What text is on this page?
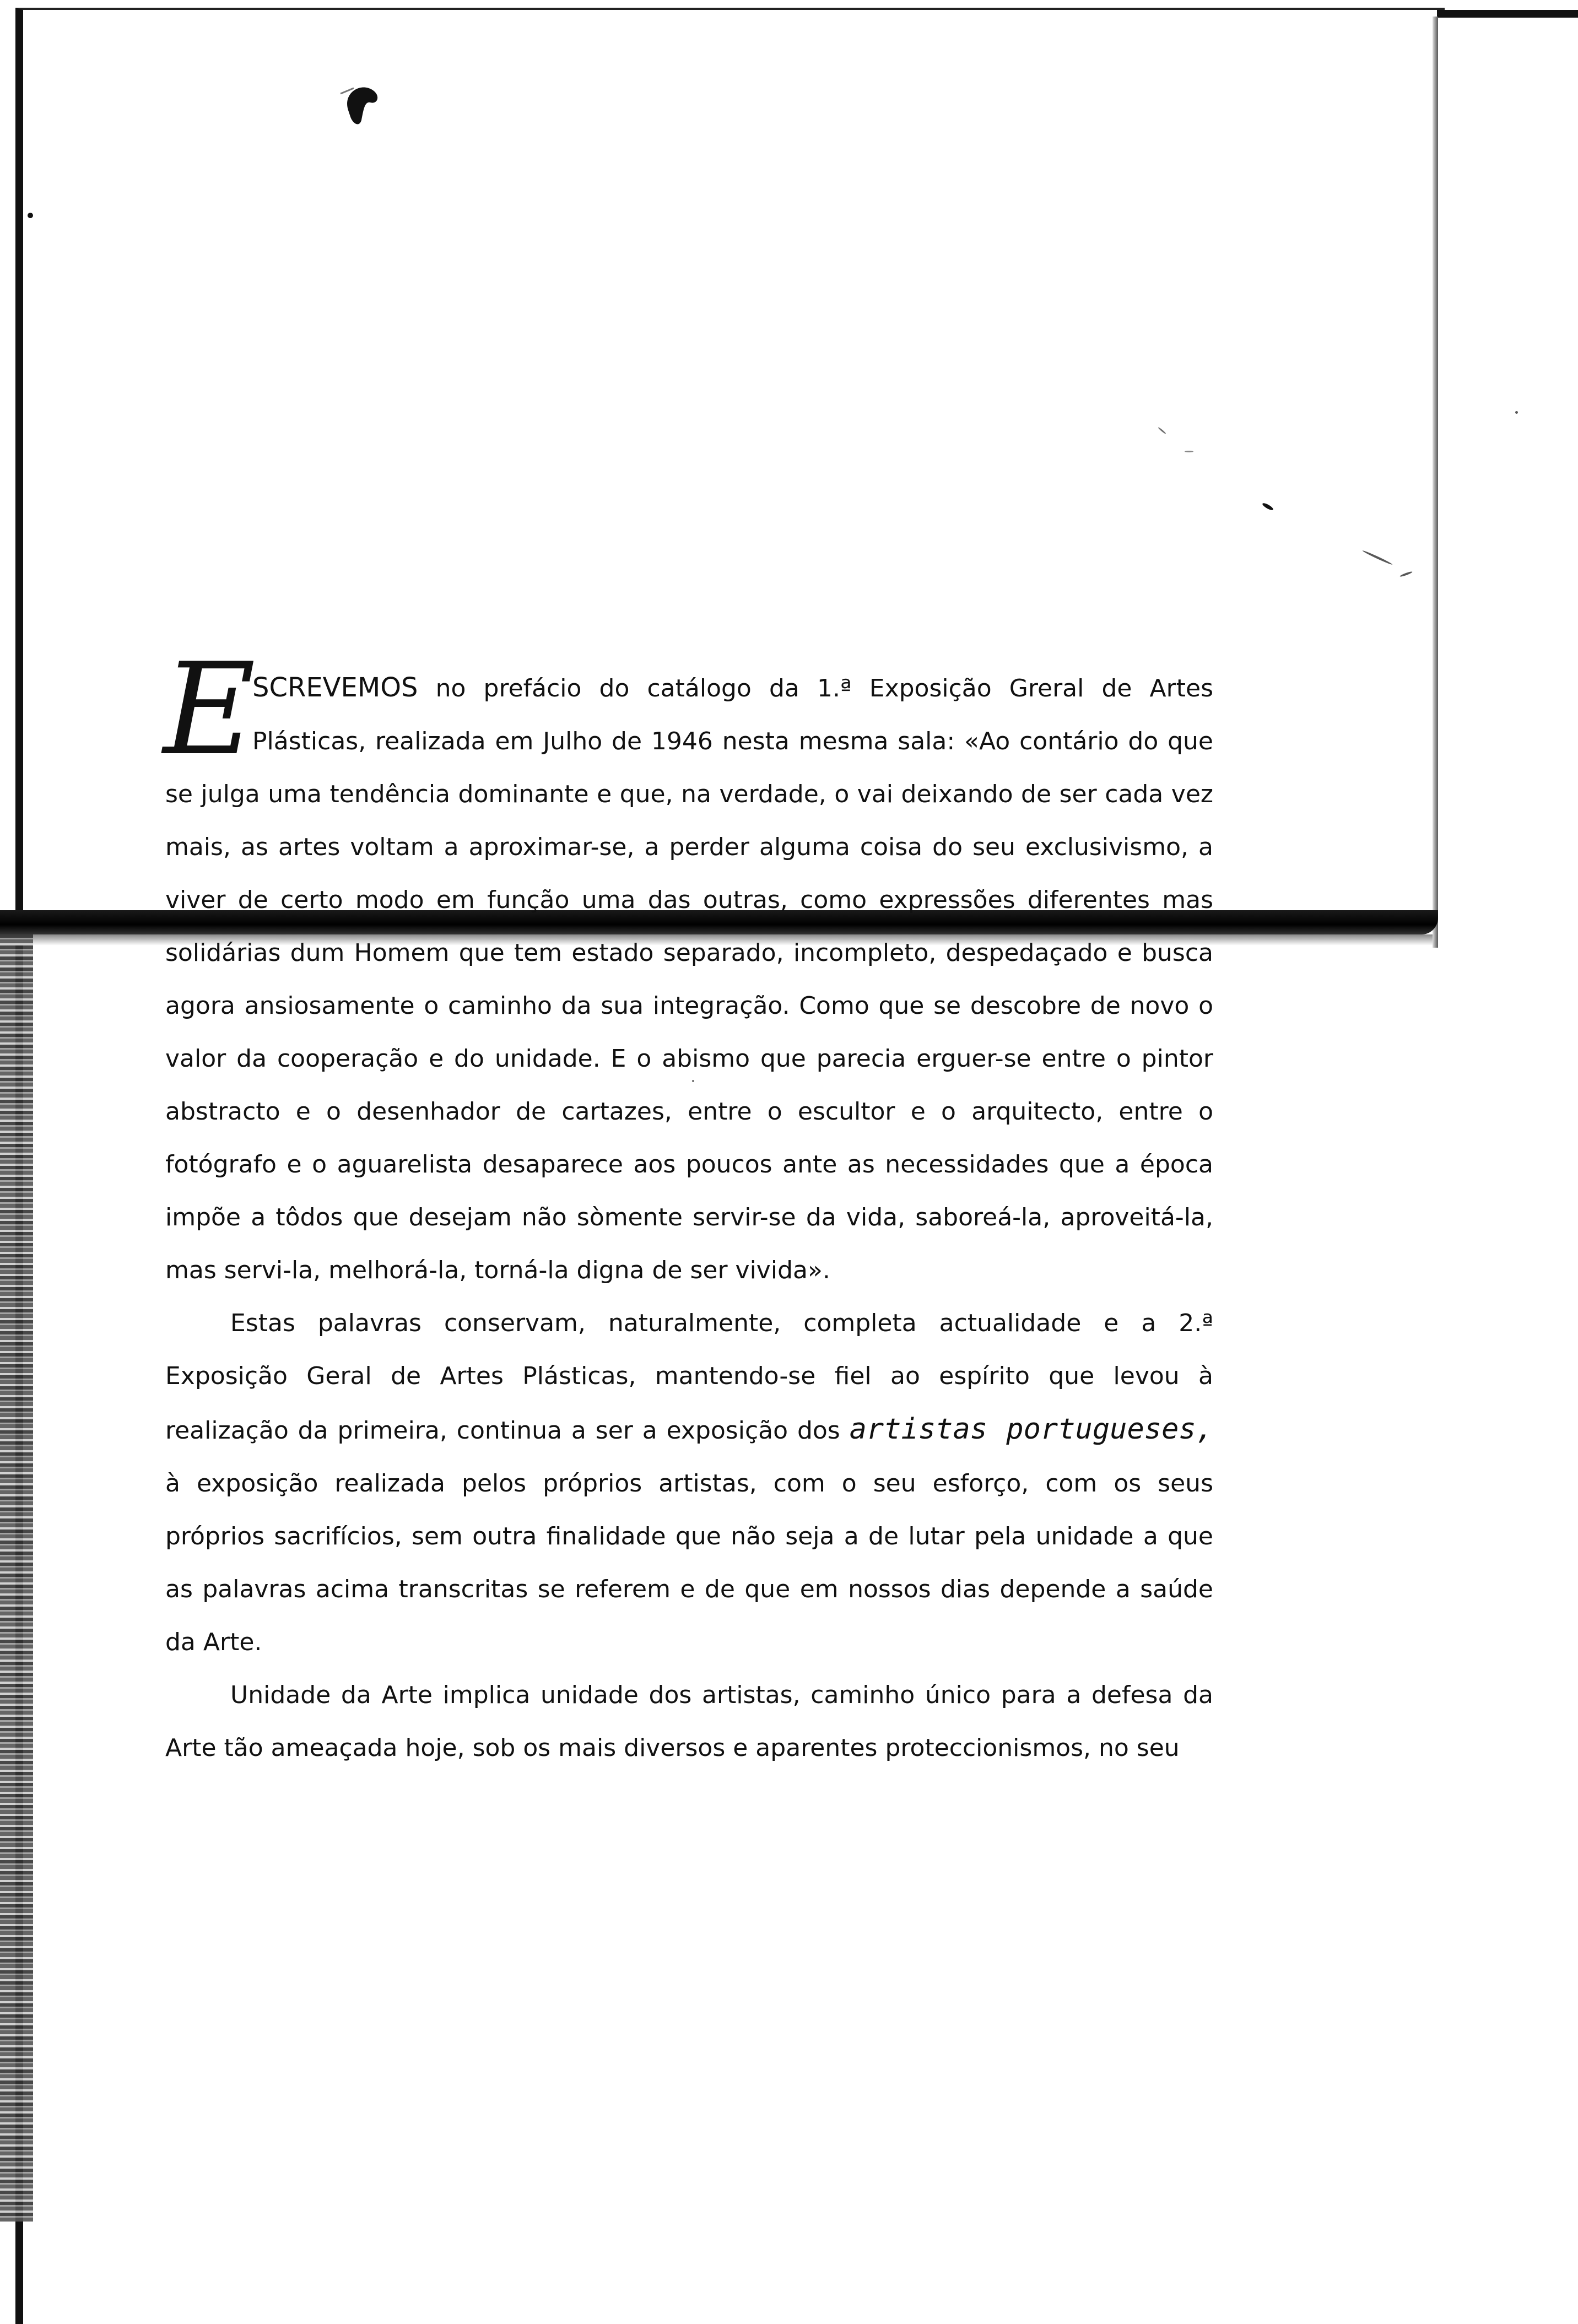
E

SCREVEMOS no prefácio do catálogo da 1.ª Exposição Greral de Artes Plásticas, realizada em Julho de 1946 nesta mesma sala: «Ao contário do que se julga uma tendência dominante e que, na verdade, o vai deixando de ser cada vez mais, as artes voltam a aproximar-se, a perder alguma coisa do seu exclusivismo, a viver de certo modo em função uma das outras, como expressões diferentes mas solidárias dum Homem que tem estado separado, incompleto, despedaçado e busca agora ansiosamente o caminho da sua integração. Como que se descobre de novo o valor da cooperação e do unidade. E o abismo que parecia erguer-se entre o pintor abstracto e o desenhador de cartazes, entre o escultor e o arquitecto, entre o fotógrafo e o aguarelista desaparece aos poucos ante as necessidades que a época impõe a tôdos que desejam não sòmente servir-se da vida, saboreá-la, aproveitá-la, mas servi-la, melhorá-la, torná-la digna de ser vivida».

Estas palavras conservam, naturalmente, completa actualidade e a 2.ª Exposição Geral de Artes Plásticas, mantendo-se fiel ao espírito que levou à realização da primeira, continua a ser a exposição dos artistas portugueses, à exposição realizada pelos próprios artistas, com o seu esforço, com os seus próprios sacrifícios, sem outra finalidade que não seja a de lutar pela unidade a que as palavras acima transcritas se referem e de que em nossos dias depende a saúde da Arte.

Unidade da Arte implica unidade dos artistas, caminho único para a defesa da Arte tão ameaçada hoje, sob os mais diversos e aparentes proteccionismos, no seu
